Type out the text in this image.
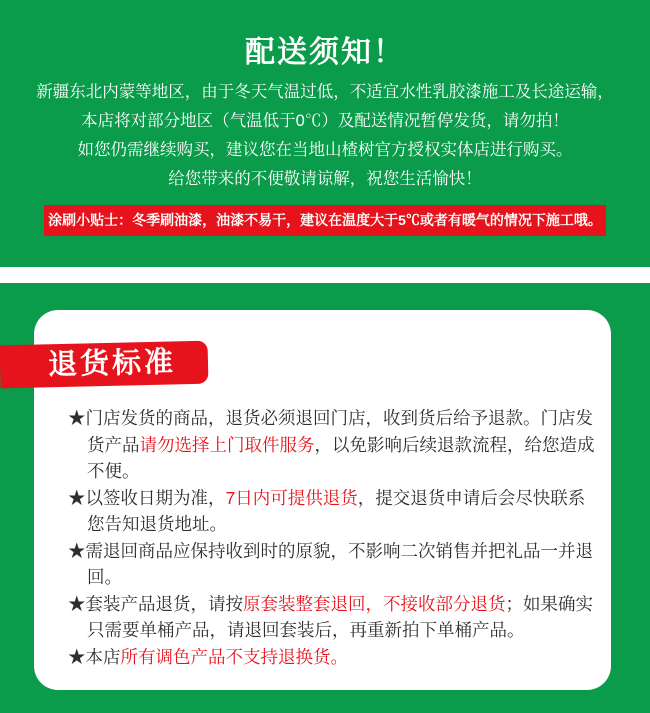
配送须知！

新疆东北内蒙等地区，由于冬天气温过低，不适宜水性乳胶漆施工及长途运输，

本店将对部分地区（气温低于0℃）及配送情况暂停发货，请勿拍！

如您仍需继续购买，建议您在当地山楂树官方授权实体店进行购买。

给您带来的不便敬请谅解，祝您生活愉快！

涂刷小贴士：冬季刷油漆，油漆不易干，建议在温度大于5℃或者有暖气的情况下施工哦。
退货标准
★门店发货的商品，退货必须退回门店，收到货后给予退款。门店发货产品请勿选择上门取件服务，以免影响后续退款流程，给您造成不便。
★以签收日期为准，7日内可提供退货，提交退货申请后会尽快联系您告知退货地址。
★需退回商品应保持收到时的原貌，不影响二次销售并把礼品一并退回。
★套装产品退货，请按原套装整套退回，不接收部分退货；如果确实只需要单桶产品，请退回套装后，再重新拍下单桶产品。
★本店所有调色产品不支持退换货。
